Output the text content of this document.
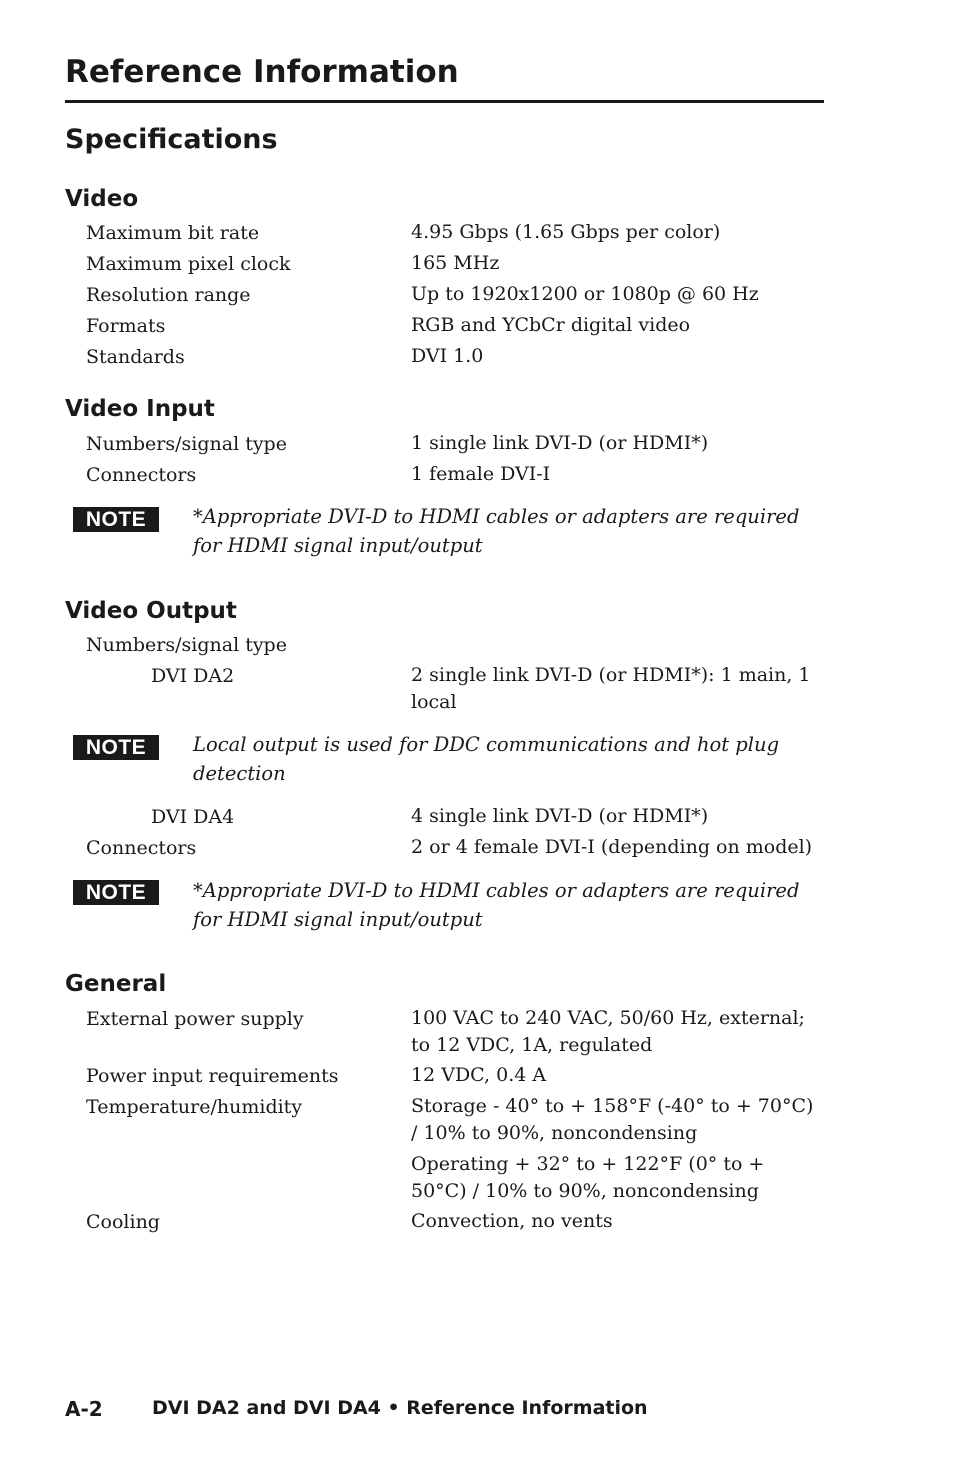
Reference Information
Specifications
Video
Maximum bit rate .....	4.95 Gbps (1.65 Gbps per color)
Maximum pixel clock .....	165 MHz
Resolution range .....	Up to 1920x1200 or 1080p @ 60 Hz
Formats .....	RGB and YCbCr digital video
Standards .....	DVI 1.0
Video Input
Numbers/signal type .....	1 single link DVI-D (or HDMI*)
Connectors .....	1 female DVI-I
NOTE	*Appropriate DVI-D to HDMI cables or adapters are required for HDMI signal input/output
Video Output
Numbers/signal type
DVI DA2 .....	2 single link DVI-D (or HDMI*): 1 main, 1 local
NOTE	Local output is used for DDC communications and hot plug detection
DVI DA4 .....	4 single link DVI-D (or HDMI*)
Connectors .....	2 or 4 female DVI-I (depending on model)
NOTE	*Appropriate DVI-D to HDMI cables or adapters are required for HDMI signal input/output
General
External power supply .....	100 VAC to 240 VAC, 50/60 Hz, external; to 12 VDC, 1A, regulated
Power input requirements .....	12 VDC, 0.4 A
Temperature/humidity .....	Storage - 40° to + 158°F (-40° to + 70°C) / 10% to 90%, noncondensing
Operating + 32° to + 122°F (0° to + 50°C) / 10% to 90%, noncondensing
Cooling .....	Convection, no vents
A-2	DVI DA2 and DVI DA4 • Reference Information
